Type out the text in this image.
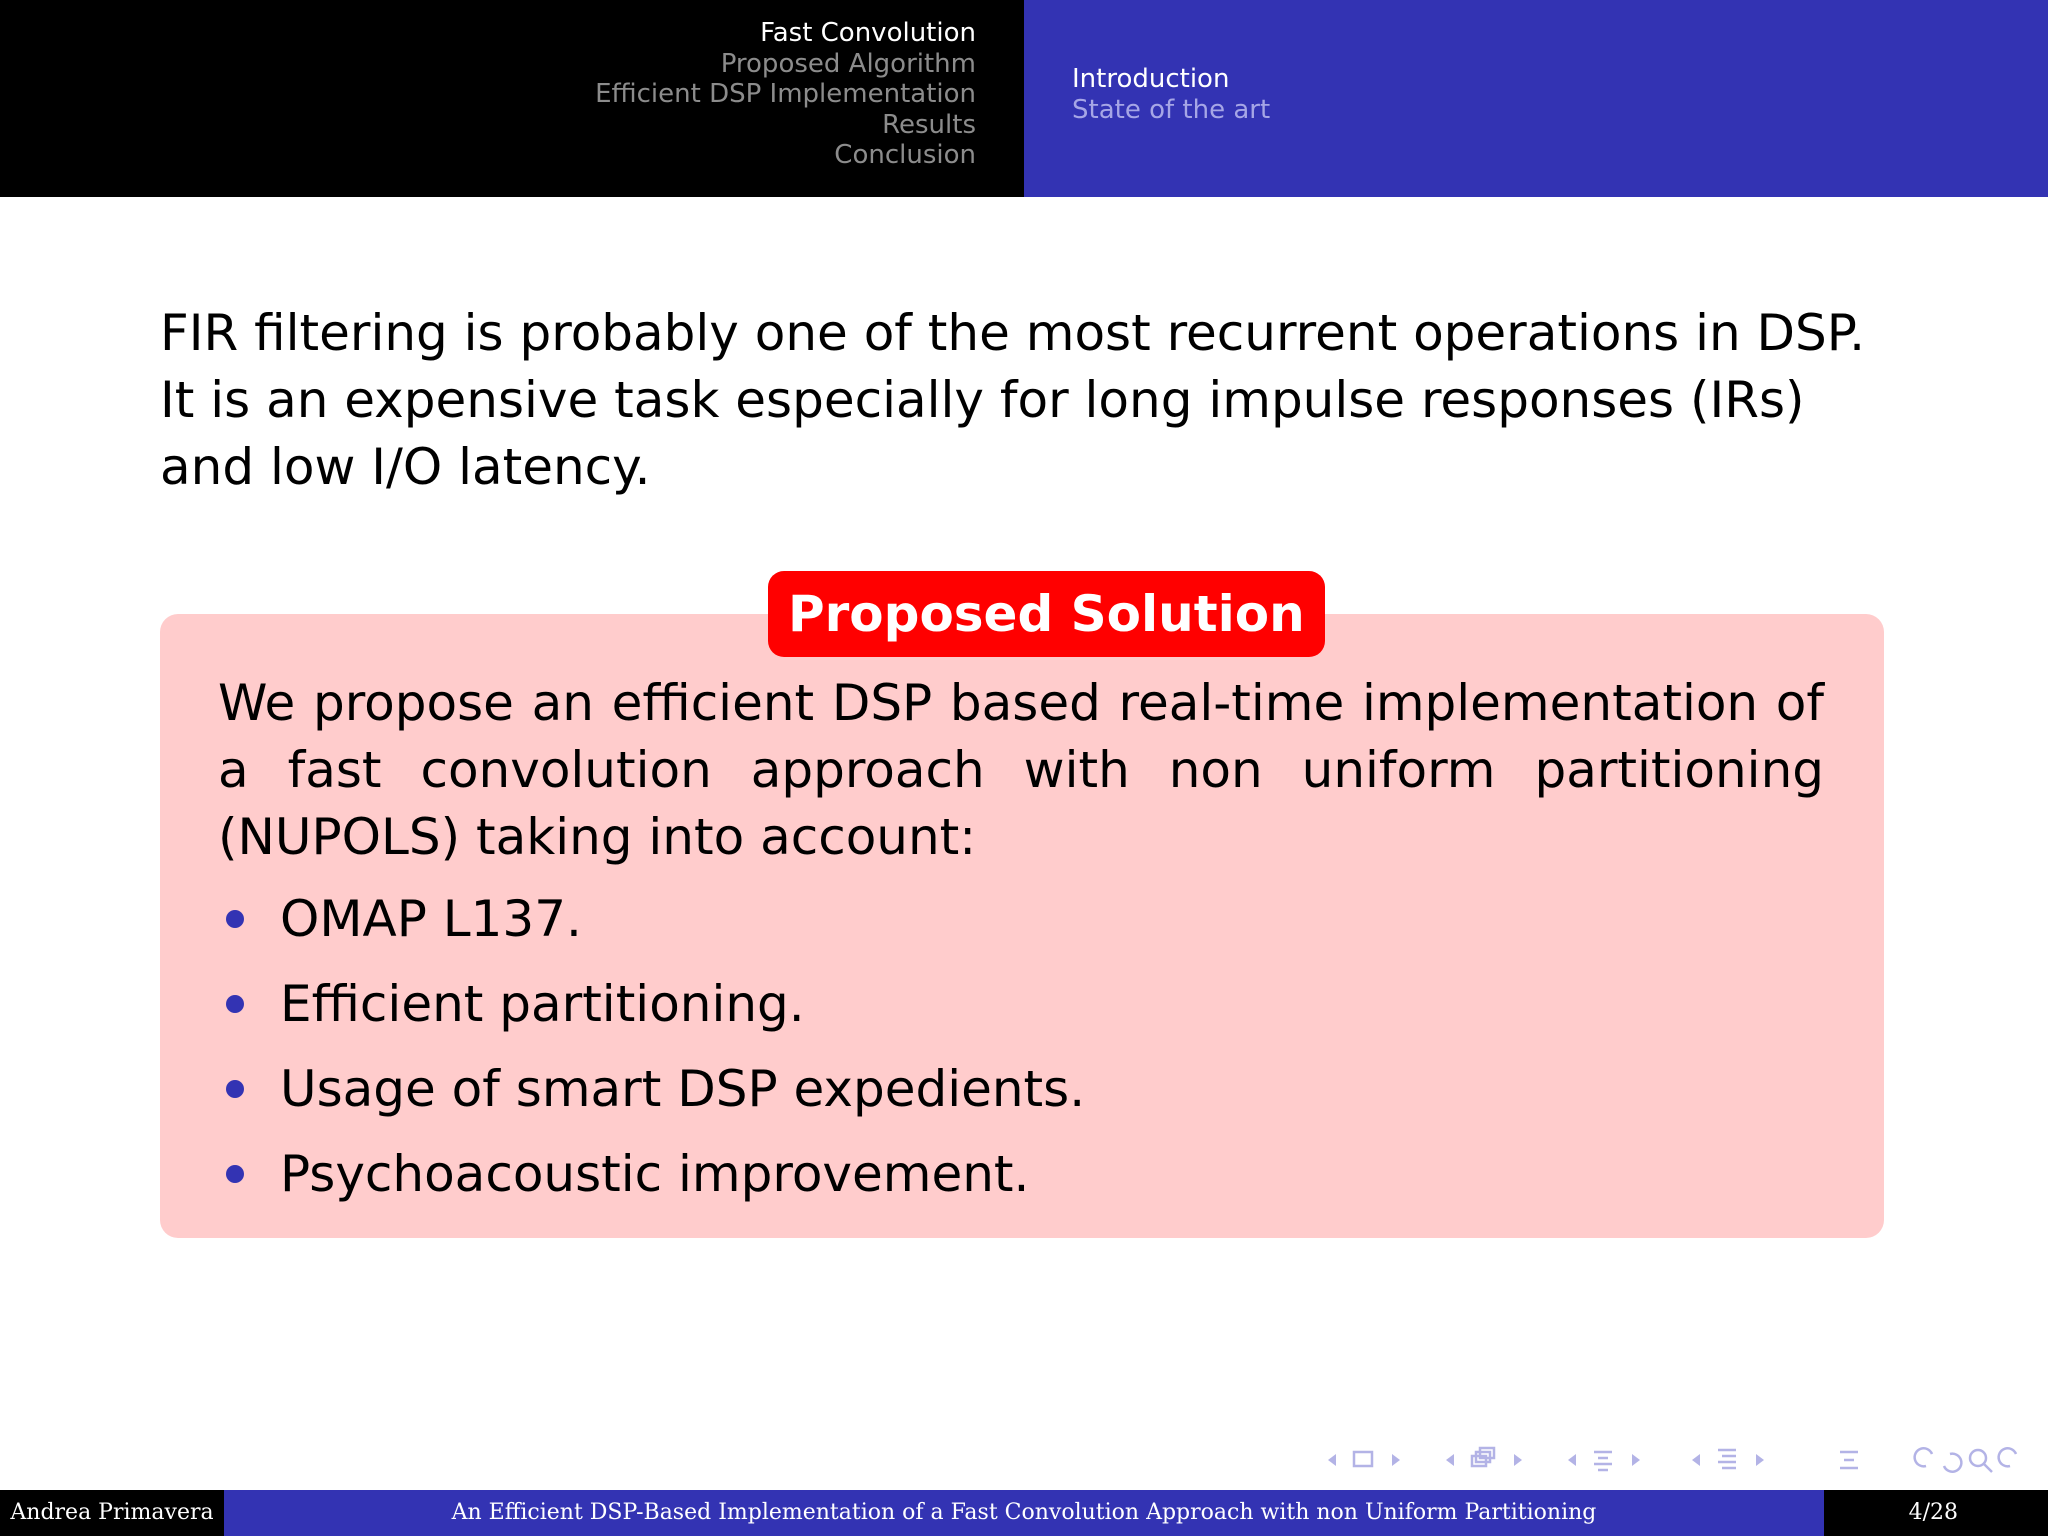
Fast Convolution
Proposed Algorithm
Efficient DSP Implementation
Results
Conclusion
Introduction
State of the art

FIR filtering is probably one of the most recurrent operations in DSP. It is an expensive task especially for long impulse responses (IRs) and low I/O latency.

Proposed Solution

We propose an efficient DSP based real-time implementation of a fast convolution approach with non uniform partitioning (NUPOLS) taking into account:

OMAP L137.
Efficient partitioning.
Usage of smart DSP expedients.
Psychoacoustic improvement.
Andrea Primavera	An Efficient DSP-Based Implementation of a Fast Convolution Approach with non Uniform Partitioning	4/28
